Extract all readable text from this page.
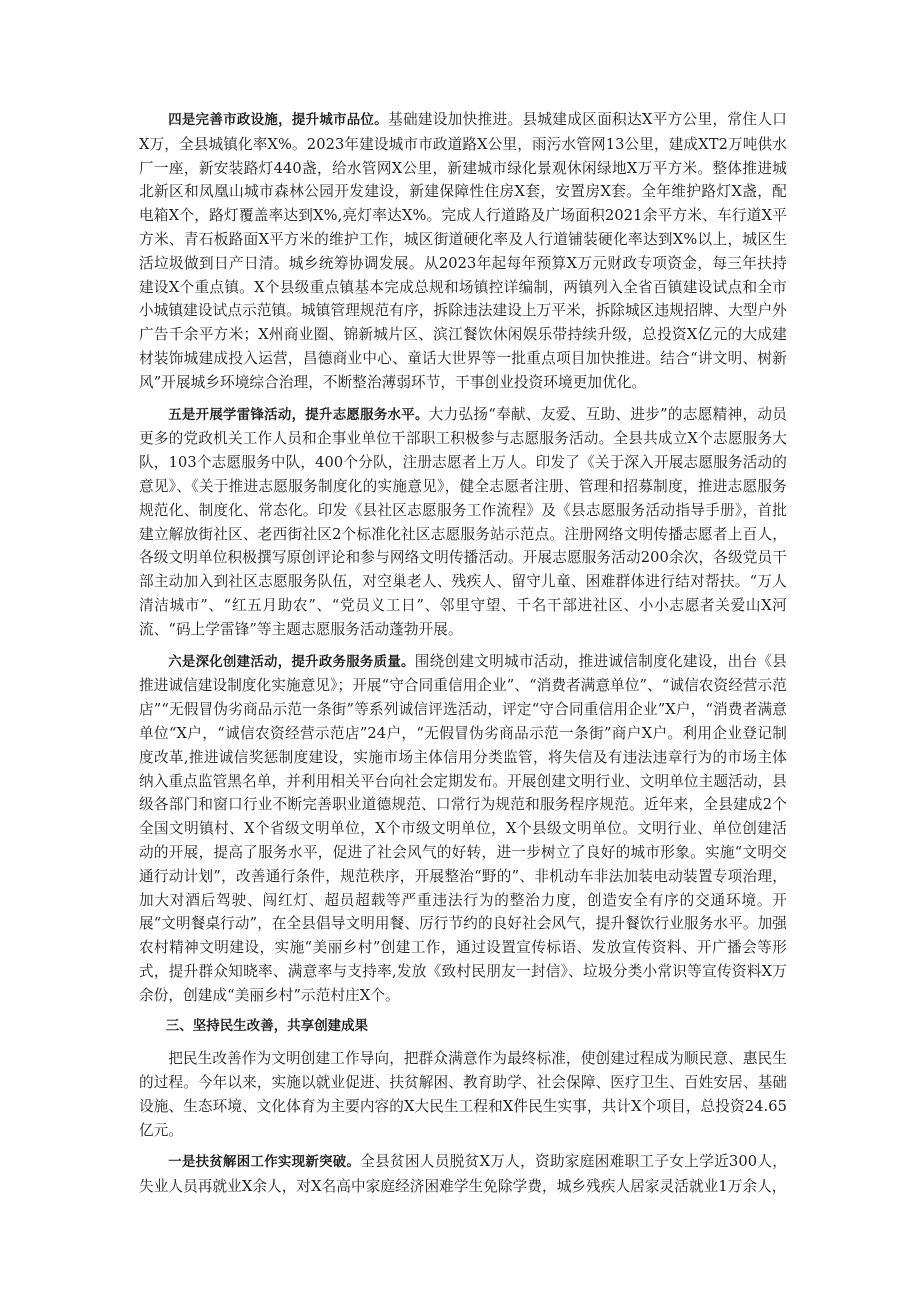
四是完善市政设施，提升城市品位。基础建设加快推进。县城建成区面积达X平方公里，常住人口X万，全县城镇化率X%。2023年建设城市市政道路X公里，雨污水管网13公里，建成XT2万吨供水厂一座，新安装路灯440盏，给水管网X公里，新建城市绿化景观休闲绿地X万平方米。整体推进城北新区和凤凰山城市森林公园开发建设，新建保障性住房X套，安置房X套。全年维护路灯X盏，配电箱X个，路灯覆盖率达到X%,亮灯率达X%。完成人行道路及广场面积2021余平方米、车行道X平方米、青石板路面X平方米的维护工作，城区街道硬化率及人行道铺装硬化率达到X%以上，城区生活垃圾做到日产日清。城乡统筹协调发展。从2023年起每年预算X万元财政专项资金，每三年扶持建设X个重点镇。X个县级重点镇基本完成总规和场镇控详编制，两镇列入全省百镇建设试点和全市小城镇建设试点示范镇。城镇管理规范有序，拆除违法建设上万平米，拆除城区违规招牌、大型户外广告千余平方米；X州商业圈、锦新城片区、滨江餐饮休闲娱乐带持续升级，总投资X亿元的大成建材装饰城建成投入运营，昌德商业中心、童话大世界等一批重点项目加快推进。结合“讲文明、树新风”开展城乡环境综合治理，不断整治薄弱环节，干事创业投资环境更加优化。

五是开展学雷锋活动，提升志愿服务水平。大力弘扬“奉献、友爱、互助、进步”的志愿精神，动员更多的党政机关工作人员和企事业单位干部职工积极参与志愿服务活动。全县共成立X个志愿服务大队，103个志愿服务中队，400个分队，注册志愿者上万人。印发了《关于深入开展志愿服务活动的意见》、《关于推进志愿服务制度化的实施意见》，健全志愿者注册、管理和招募制度，推进志愿服务规范化、制度化、常态化。印发《县社区志愿服务工作流程》及《县志愿服务活动指导手册》，首批建立解放街社区、老西街社区2个标准化社区志愿服务站示范点。注册网络文明传播志愿者上百人，各级文明单位积极撰写原创评论和参与网络文明传播活动。开展志愿服务活动200余次，各级党员干部主动加入到社区志愿服务队伍，对空巢老人、残疾人、留守儿童、困难群体进行结对帮扶。“万人清洁城市”、“红五月助农”、“党员义工日”、邻里守望、千名干部进社区、小小志愿者关爱山X河流、“码上学雷锋”等主题志愿服务活动蓬勃开展。

六是深化创建活动，提升政务服务质量。围绕创建文明城市活动，推进诚信制度化建设，出台《县推进诚信建设制度化实施意见》；开展“守合同重信用企业”、“消费者满意单位”、“诚信农资经营示范店”“无假冒伪劣商品示范一条街”等系列诚信评选活动，评定“守合同重信用企业”X户，“消费者满意单位“X户，“诚信农资经营示范店”24户，“无假冒伪劣商品示范一条街”商户X户。利用企业登记制度改革,推进诚信奖惩制度建设，实施市场主体信用分类监管，将失信及有违法违章行为的市场主体纳入重点监管黑名单，并利用相关平台向社会定期发布。开展创建文明行业、文明单位主题活动，县级各部门和窗口行业不断完善职业道德规范、口常行为规范和服务程序规范。近年来，全县建成2个全国文明镇村、X个省级文明单位，X个市级文明单位，X个县级文明单位。文明行业、单位创建活动的开展，提高了服务水平，促进了社会风气的好转，进一步树立了良好的城市形象。实施“文明交通行动计划”，改善通行条件，规范秩序，开展整治“野的”、非机动车非法加装电动装置专项治理，加大对酒后驾驶、闯红灯、超员超载等严重违法行为的整治力度，创造安全有序的交通环境。开展“文明餐桌行动”，在全县倡导文明用餐、厉行节约的良好社会风气，提升餐饮行业服务水平。加强农村精神文明建设，实施“美丽乡村”创建工作，通过设置宣传标语、发放宣传资料、开广播会等形式，提升群众知晓率、满意率与支持率,发放《致村民朋友一封信》、垃圾分类小常识等宣传资料X万余份，创建成“美丽乡村”示范村庄X个。

三、坚持民生改善，共享创建成果

把民生改善作为文明创建工作导向，把群众满意作为最终标准，使创建过程成为顺民意、惠民生的过程。今年以来，实施以就业促进、扶贫解困、教育助学、社会保障、医疗卫生、百姓安居、基础设施、生态环境、文化体育为主要内容的X大民生工程和X件民生实事，共计X个项目，总投资24.65亿元。

一是扶贫解困工作实现新突破。全县贫困人员脱贫X万人，资助家庭困难职工子女上学近300人，失业人员再就业X余人，对X名高中家庭经济困难学生免除学费，城乡残疾人居家灵活就业1万余人，
